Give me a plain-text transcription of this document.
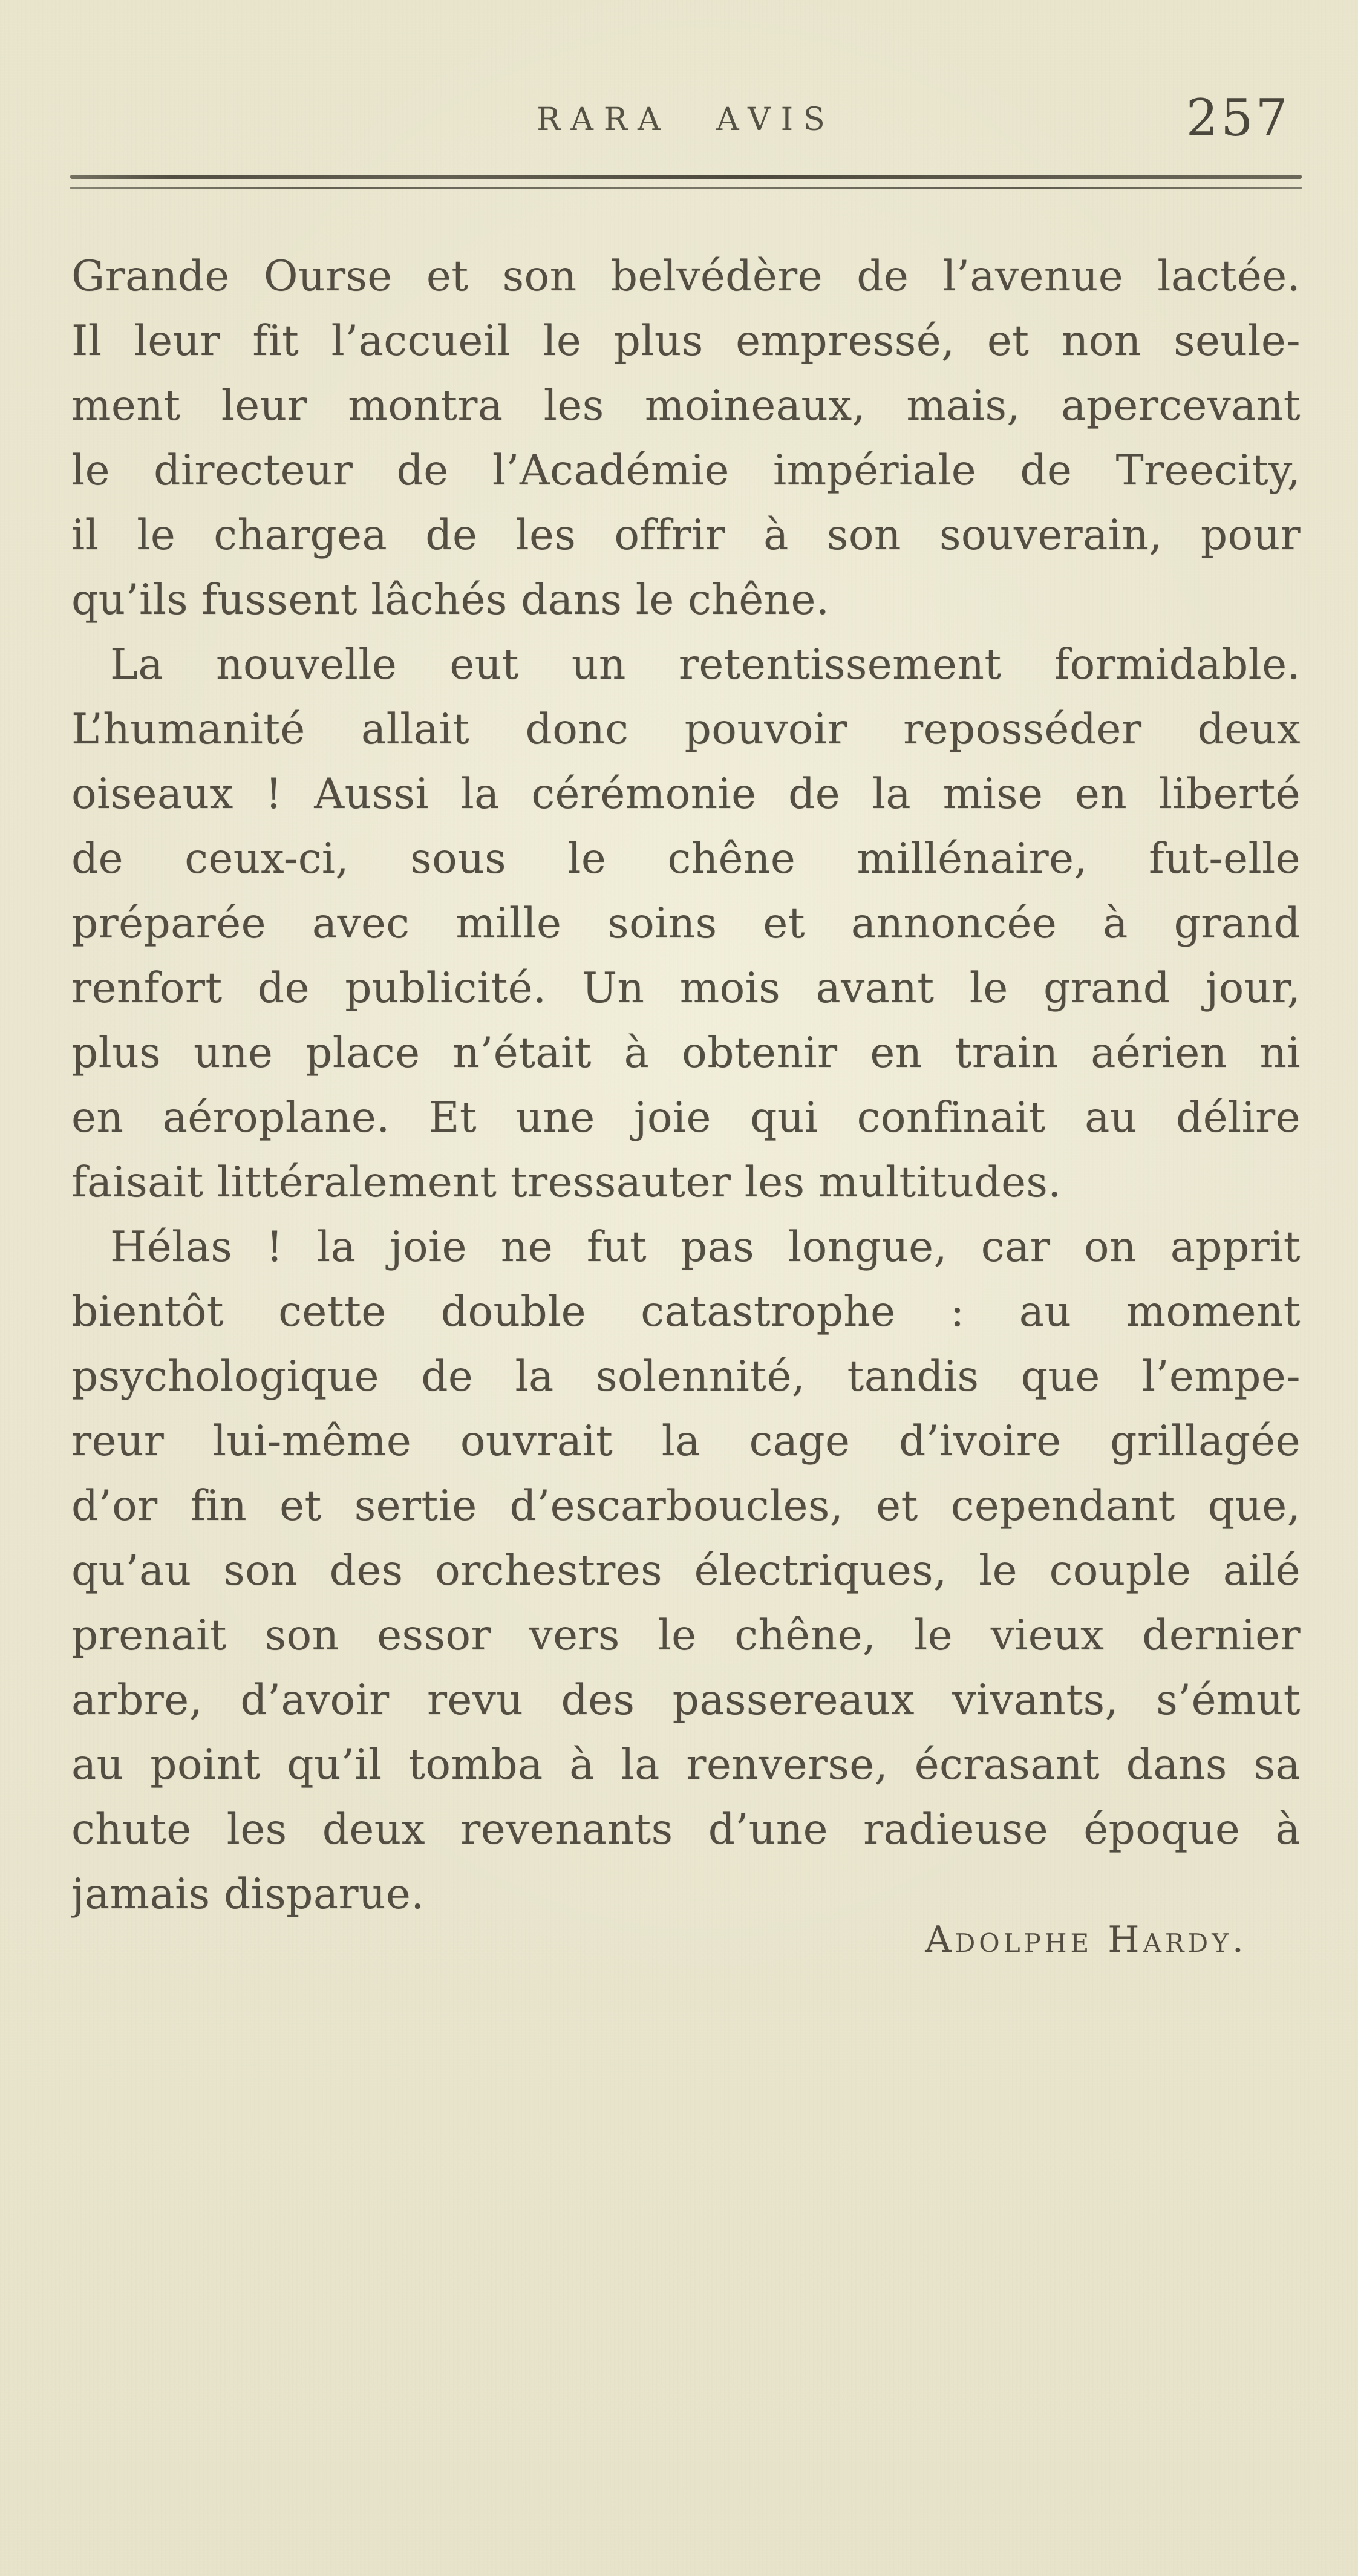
RARA AVIS	257
Grande Ourse et son belvédère de l’avenue lactée.
Il leur fit l’accueil le plus empressé, et non seule-
ment leur montra les moineaux, mais, apercevant
le directeur de l’Académie impériale de Treecity,
il le chargea de les offrir à son souverain, pour
qu’ils fussent lâchés dans le chêne.
La nouvelle eut un retentissement formidable.
L’humanité allait donc pouvoir reposséder deux
oiseaux ! Aussi la cérémonie de la mise en liberté
de ceux-ci, sous le chêne millénaire, fut-elle
préparée avec mille soins et annoncée à grand
renfort de publicité. Un mois avant le grand jour,
plus une place n’était à obtenir en train aérien ni
en aéroplane. Et une joie qui confinait au délire
faisait littéralement tressauter les multitudes.
Hélas ! la joie ne fut pas longue, car on apprit
bientôt cette double catastrophe : au moment
psychologique de la solennité, tandis que l’empe-
reur lui-même ouvrait la cage d’ivoire grillagée
d’or fin et sertie d’escarboucles, et cependant que,
qu’au son des orchestres électriques, le couple ailé
prenait son essor vers le chêne, le vieux dernier
arbre, d’avoir revu des passereaux vivants, s’émut
au point qu’il tomba à la renverse, écrasant dans sa
chute les deux revenants d’une radieuse époque à
jamais disparue.
Adolphe Hardy.
